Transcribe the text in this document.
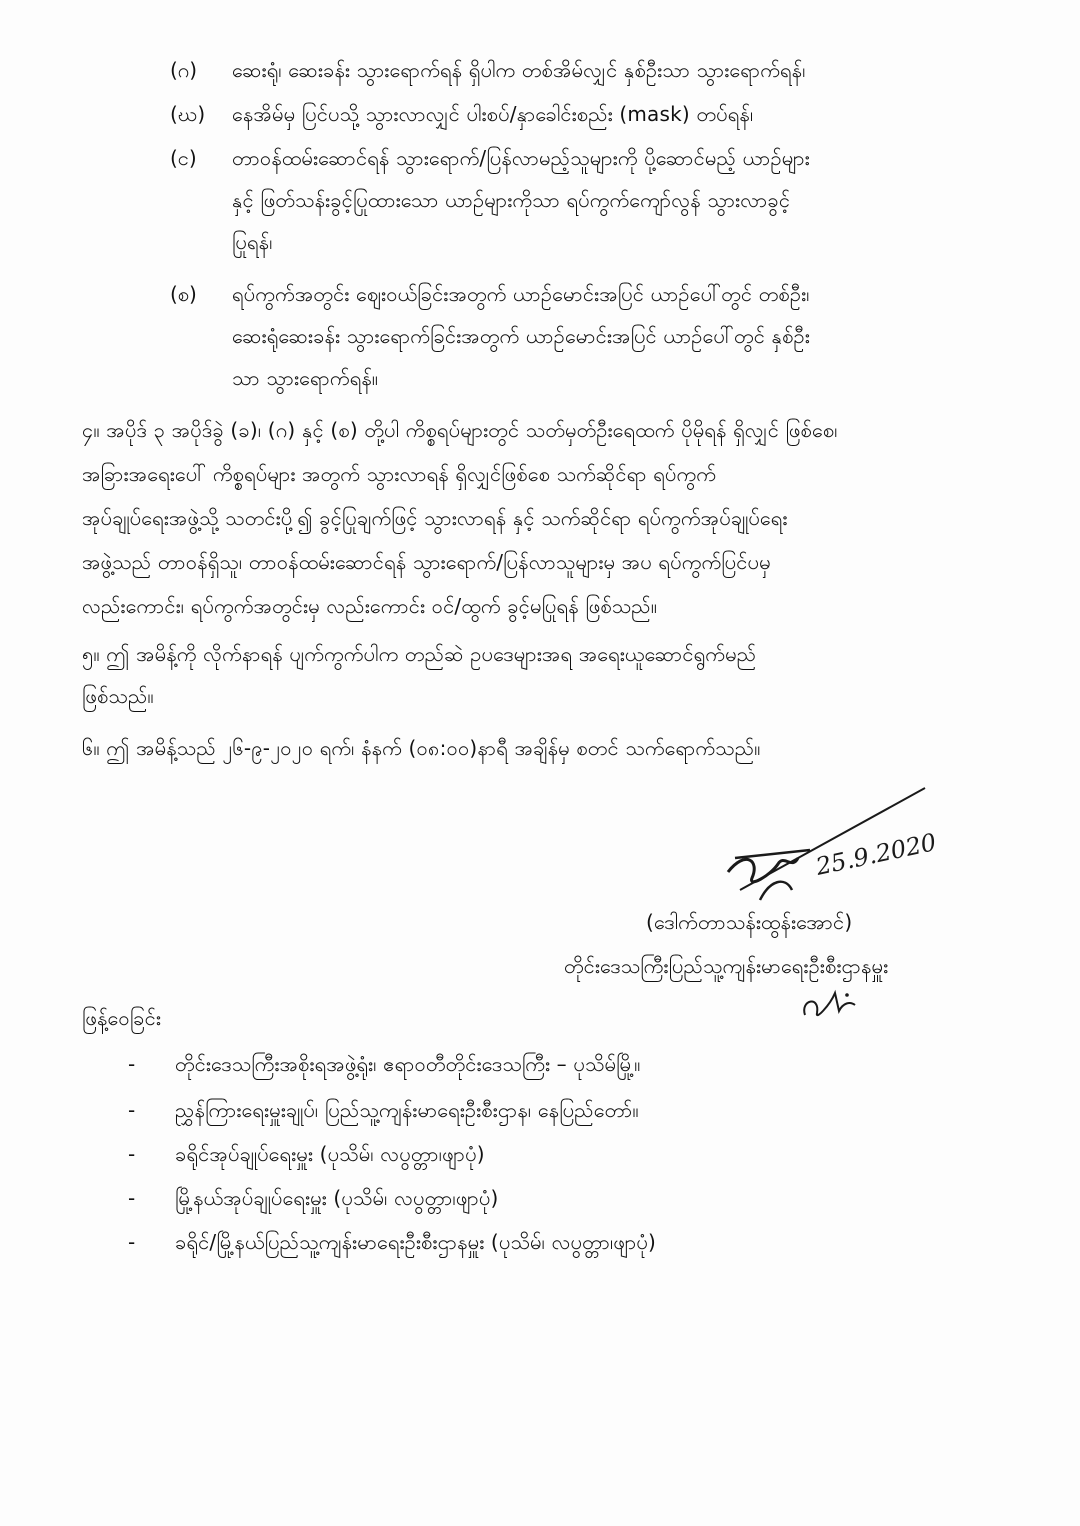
(ဂ) ဆေးရုံ၊ ဆေးခန်း သွားရောက်ရန် ရှိပါက တစ်အိမ်လျှင် နှစ်ဦးသာ သွားရောက်ရန်၊
(ဃ) နေအိမ်မှ ပြင်ပသို့ သွားလာလျှင် ပါးစပ်/နှာခေါင်းစည်း (mask) တပ်ရန်၊
(င) တာဝန်ထမ်းဆောင်ရန် သွားရောက်/ပြန်လာမည့်သူများကို ပို့ဆောင်မည့် ယာဉ်များ
နှင့် ဖြတ်သန်းခွင့်ပြုထားသော ယာဉ်များကိုသာ ရပ်ကွက်ကျော်လွန် သွားလာခွင့်
ပြုရန်၊
(စ) ရပ်ကွက်အတွင်း ဈေးဝယ်ခြင်းအတွက် ယာဉ်မောင်းအပြင် ယာဉ်ပေါ်တွင် တစ်ဦး၊
ဆေးရုံဆေးခန်း သွားရောက်ခြင်းအတွက် ယာဉ်မောင်းအပြင် ယာဉ်ပေါ်တွင် နှစ်ဦး
သာ သွားရောက်ရန်။
၄။ အပိုဒ် ၃ အပိုဒ်ခွဲ (ခ)၊ (ဂ) နှင့် (စ) တို့ပါ ကိစ္စရပ်များတွင် သတ်မှတ်ဦးရေထက် ပိုမိုရန် ရှိလျှင် ဖြစ်စေ၊
အခြားအရေးပေါ် ကိစ္စရပ်များ အတွက် သွားလာရန် ရှိလျှင်ဖြစ်စေ သက်ဆိုင်ရာ ရပ်ကွက်
အုပ်ချုပ်ရေးအဖွဲ့သို့ သတင်းပို့၍ ခွင့်ပြုချက်ဖြင့် သွားလာရန် နှင့် သက်ဆိုင်ရာ ရပ်ကွက်အုပ်ချုပ်ရေး
အဖွဲ့သည် တာဝန်ရှိသူ၊ တာဝန်ထမ်းဆောင်ရန် သွားရောက်/ပြန်လာသူများမှ အပ ရပ်ကွက်ပြင်ပမှ
လည်းကောင်း၊ ရပ်ကွက်အတွင်းမှ လည်းကောင်း ဝင်/ထွက် ခွင့်မပြုရန် ဖြစ်သည်။
၅။ ဤ အမိန့်ကို လိုက်နာရန် ပျက်ကွက်ပါက တည်ဆဲ ဥပဒေများအရ အရေးယူဆောင်ရွက်မည်
ဖြစ်သည်။
၆။ ဤ အမိန့်သည် ၂၆-၉-၂၀၂၀ ရက်၊ နံနက် (၀၈:၀၀)နာရီ အချိန်မှ စတင် သက်ရောက်သည်။
25.9.2020
(ဒေါက်တာသန်းထွန်းအောင်)
တိုင်းဒေသကြီးပြည်သူ့ကျန်းမာရေးဦးစီးဌာနမှူး
ဖြန့်ဝေခြင်း
- တိုင်းဒေသကြီးအစိုးရအဖွဲ့ရုံး၊ ဧရာဝတီတိုင်းဒေသကြီး – ပုသိမ်မြို့။
- ညွှန်ကြားရေးမှူးချုပ်၊ ပြည်သူ့ကျန်းမာရေးဦးစီးဌာန၊ နေပြည်တော်။
- ခရိုင်အုပ်ချုပ်ရေးမှူး (ပုသိမ်၊ လပွတ္တာ၊ဖျာပုံ)
- မြို့နယ်အုပ်ချုပ်ရေးမှူး (ပုသိမ်၊ လပွတ္တာ၊ဖျာပုံ)
- ခရိုင်/မြို့နယ်ပြည်သူ့ကျန်းမာရေးဦးစီးဌာနမှူး (ပုသိမ်၊ လပွတ္တာ၊ဖျာပုံ)
